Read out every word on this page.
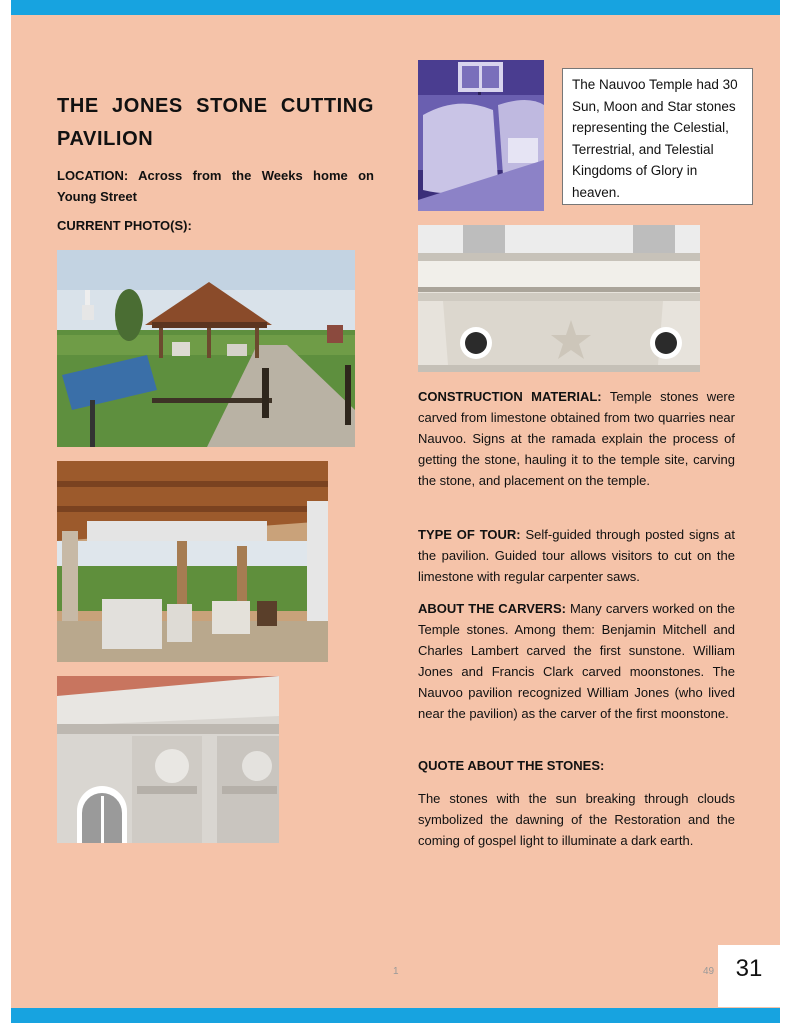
THE JONES STONE CUTTING PAVILION

LOCATION: Across from the Weeks home on Young Street

CURRENT PHOTO(S):

The Nauvoo Temple had 30 Sun, Moon and Star stones representing the Celestial, Terrestrial, and Telestial Kingdoms of Glory in heaven.

CONSTRUCTION MATERIAL: Temple stones were carved from limestone obtained from two quarries near Nauvoo. Signs at the ramada explain the process of getting the stone, hauling it to the temple site, carving the stone, and placement on the temple.

TYPE OF TOUR: Self-guided through posted signs at the pavilion. Guided tour allows visitors to cut on the limestone with regular carpenter saws.

ABOUT THE CARVERS: Many carvers worked on the Temple stones. Among them: Benjamin Mitchell and Charles Lambert carved the first sunstone. William Jones and Francis Clark carved moonstones. The Nauvoo pavilion recognized William Jones (who lived near the pavilion) as the carver of the first moonstone.

QUOTE ABOUT THE STONES:

The stones with the sun breaking through clouds symbolized the dawning of the Restoration and the coming of gospel light to illuminate a dark earth.

1	49 31
